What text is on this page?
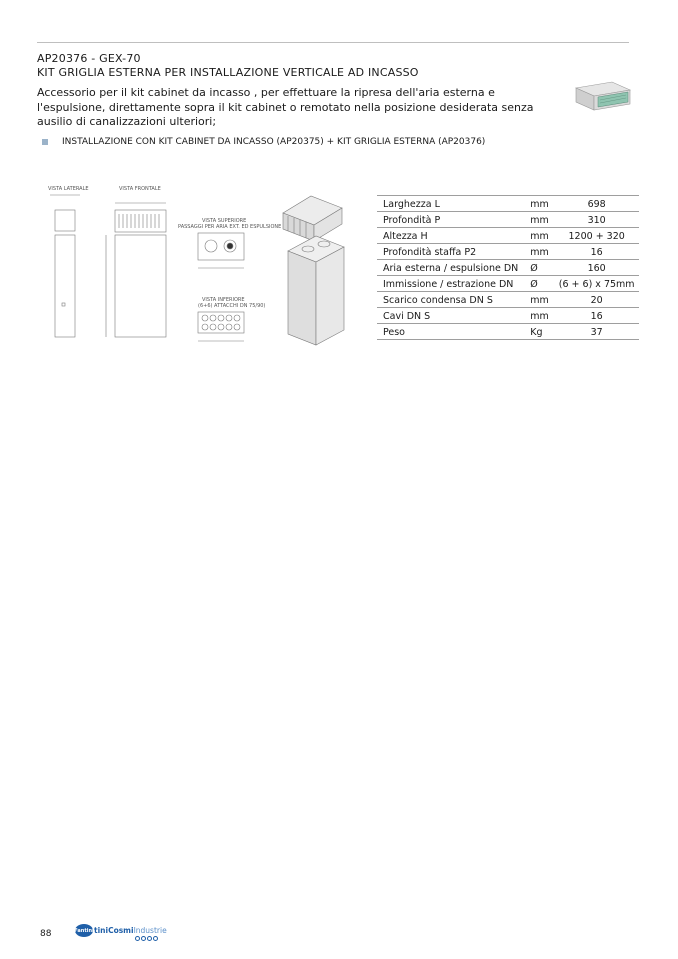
AP20376 - GEX-70
KIT GRIGLIA ESTERNA PER INSTALLAZIONE VERTICALE AD INCASSO
Accessorio per il kit cabinet da incasso , per effettuare la ripresa dell'aria esterna e l'espulsione, direttamente sopra il kit cabinet o remotato nella posizione desiderata senza ausilio di canalizzazioni ulteriori;
INSTALLAZIONE CON KIT CABINET DA INCASSO (AP20375) + KIT GRIGLIA ESTERNA (AP20376)
VISTA LATERALE	VISTA FRONTALE
VISTA SUPERIORE
PASSAGGI PER ARIA EXT. ED ESPULSIONE
VISTA INFERIORE
(6+6) ATTACCHI DN 75/90)
Larghezza L	mm	698
Profondità P	mm	310
Altezza H	mm	1200 + 320
Profondità staffa P2	mm	16
Aria esterna / espulsione DN	Ø	160
Immissione / estrazione DN	Ø	(6 + 6) x 75mm
Scarico condensa DN S	mm	20
Cavi DN S	mm	16
Peso	Kg	37
88	Fantini tiniCosmiIndustrie
